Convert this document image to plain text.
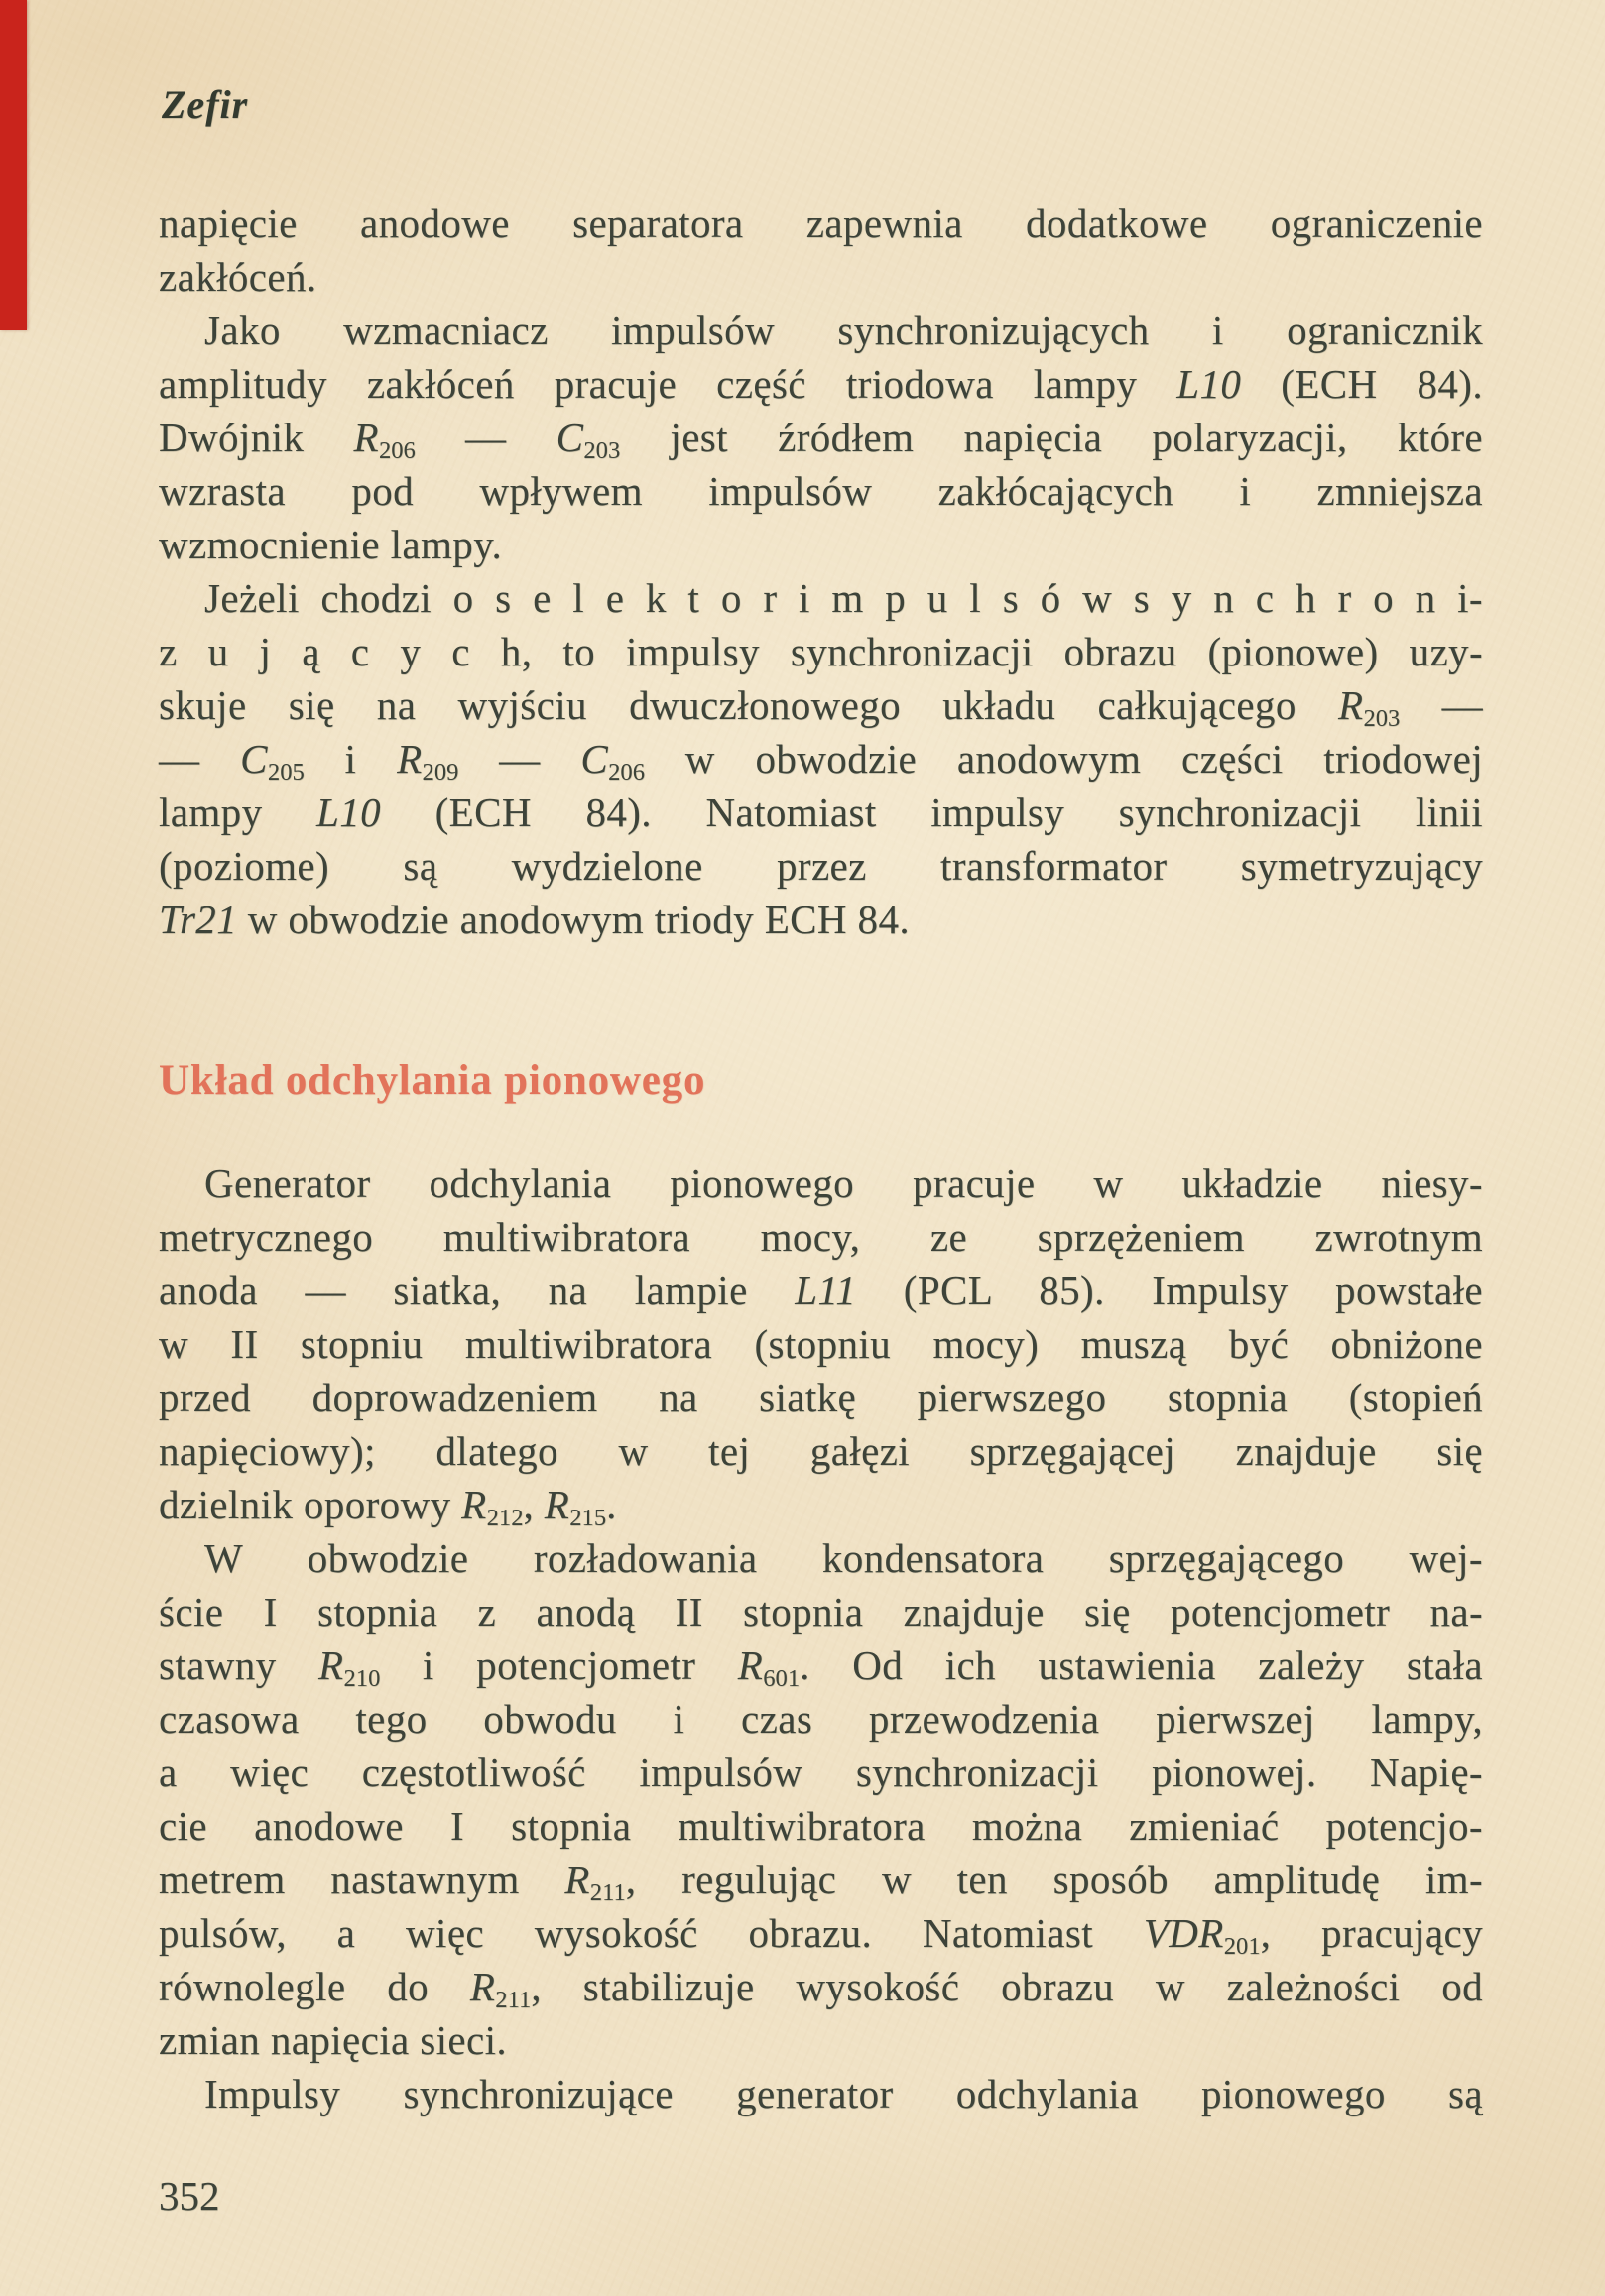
Zefir
napięcie anodowe separatora zapewnia dodatkowe ograniczenie
zakłóceń.
Jako wzmacniacz impulsów synchronizujących i ogranicznik
amplitudy zakłóceń pracuje część triodowa lampy L10 (ECH 84).
Dwójnik $R_{206}$ — $C_{203}$ jest źródłem napięcia polaryzacji, które
wzrasta pod wpływem impulsów zakłócających i zmniejsza
wzmocnienie lampy.
Jeżeli chodzi o s e l e k t o r i m p u l s ó w s y n c h r o n i-
z u j ą c y c h, to impulsy synchronizacji obrazu (pionowe) uzy-
skuje się na wyjściu dwuczłonowego układu całkującego $R_{203}$ —
— $C_{205}$ i $R_{209}$ — $C_{206}$ w obwodzie anodowym części triodowej
lampy L10 (ECH 84). Natomiast impulsy synchronizacji linii
(poziome) są wydzielone przez transformator symetryzujący
Tr21 w obwodzie anodowym triody ECH 84.
Układ odchylania pionowego
Generator odchylania pionowego pracuje w układzie niesy-
metrycznego multiwibratora mocy, ze sprzężeniem zwrotnym
anoda — siatka, na lampie L11 (PCL 85). Impulsy powstałe
w II stopniu multiwibratora (stopniu mocy) muszą być obniżone
przed doprowadzeniem na siatkę pierwszego stopnia (stopień
napięciowy); dlatego w tej gałęzi sprzęgającej znajduje się
dzielnik oporowy $R_{212}$, $R_{215}$.
W obwodzie rozładowania kondensatora sprzęgającego wej-
ście I stopnia z anodą II stopnia znajduje się potencjometr na-
stawny $R_{210}$ i potencjometr $R_{601}$. Od ich ustawienia zależy stała
czasowa tego obwodu i czas przewodzenia pierwszej lampy,
a więc częstotliwość impulsów synchronizacji pionowej. Napię-
cie anodowe I stopnia multiwibratora można zmieniać potencjo-
metrem nastawnym $R_{211}$, regulując w ten sposób amplitudę im-
pulsów, a więc wysokość obrazu. Natomiast $VDR_{201}$, pracujący
równolegle do $R_{211}$, stabilizuje wysokość obrazu w zależności od
zmian napięcia sieci.
Impulsy synchronizujące generator odchylania pionowego są
352
